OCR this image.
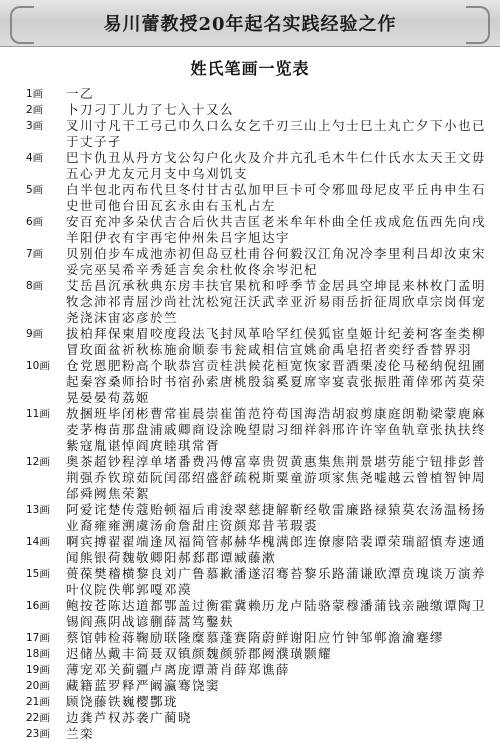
易川蕾教授20年起名实践经验之作
姓氏笔画一览表
1画	一乙
2画	卜刀刁丁儿力了七入十又么
3画	叉川寸凡干工弓己巾久口么女乞千刃三山上勺士巳土丸亡夕下小也已于丈子孑
4画	巴卞仇丑从丹方戈公勾户化火及介井亢孔毛木牛仁什氏水太天王文毋五心尹尤友元月支中乌刈饥支
5画	白半包北丙布代旦冬付甘古弘加甲巨卡可令邪皿母尼皮平丘冉申生石史世司他台田瓦玄永由右玉札占左
6画	安百充冲多朵伏吉合后伙共吉匡老米牟年朴曲全任戎成危伍西先向戌羊阳伊衣有宇再宅仲州朱吕字旭达宇
7画	贝别伯步车成池赤初但岛豆杜甫谷何毅汉江角况冷李里利吕却汝束宋妥完巫吴希辛秀延言矣余杜攸佟余岑汜杞
8画	艾岳昌沉承秋典东房丰扶官果杭和呼季节金居具空坤昆来林枚门孟明牧念沛祁青屈沙尚社沈松宛汪沃武幸亚沂易雨岳折征周欣卓宗岗佴宠尧浇沫宙宓彦於竺
9画	拔柏拜保柬眉咬度段法飞封凤革哈罕红侯狐宦皇姬计纪姜柯客奎类柳冒玫面盆祈秋栋施俞顺泰韦瓮咸相信宣姚俞禹皂招者奕纾香替界羽
10画	仓党恩肥粉高个耿恭宫贡桂洪候花桓宽恢家晋酒栗凌伦马秘纳倪纽圃起秦容桑师拾时书宿孙索唐桃殷翁奚夏席宰宴袁张振胜莆倖邪芮莫荣晃晏晏荀荔姬
11画	敖捆班毕闭彬曹常崔晨崇崔笛范符苟国海浩胡寂剪康庭朗勒梁蒙鹿麻麦茅梅苗那盘浦戚卿商设涂晚望尉习细祥斜邢许许宰鱼轨章张执扶终紫寇胤谌悼阎庹睦琪常胥
12画	奥茶超钞程淳单堵番费冯傅富辜贵贺黄惠集焦荆景堪劳能宁钮排彭普荆强乔钦琼茹阮闰邵绍盛舒疏税斯粟童游项家焦尧嘘越云曾植智钟周邰舜阙焦荣絮
13画	阿爱诧楚传蔻贻顿福后甫浚翠慈捷解靳经敬雷廉路禄猿莫农汤温杨扬业裔雍雍溯虞汤俞詹甜庄资颜郑昔苇瑕裘
14画	啊宾搏翟翟端逢凤福简管郝赫华槐满郎连僚廖陪裴谭荣瑞韶慎寿速通闻熊银荷魏敬卿阳郝郄郡谭臧藤漱
15画	蒉葆樊稽横黎良刘广鲁慕歉潘遂沼骞苔黎乐路蒲谦欧潭贲瑰谈万演养叶仪院佚郸郭嘎邓漠
16画	鲍按苍陈达道都鄂盖过衡霍冀赖历龙卢陆骆蒙穆潘蒲钱亲融缴谭陶卫锡阎燕阴战谚蒯薛蒿笃鑿麸
17画	蔡馆韩检蒋鞠励联隆糜慕蓬赛隋蔚鲜谢阳应竹钟邹郸澹瀹蹇缪
18画	迟储丛戴丰简聂双镇颜魏颜骄郡阙濮璜颢耀
19画	薄宠邓关蓟疆卢离庞谭萧肖薛郑谯薛
20画	藏籍蓝罗释严阚瀛骞饶窦
21画	顾饶藤铁巍樱酆珑
22画	边龚芦权苏袭广蔺晓
23画	兰栾
